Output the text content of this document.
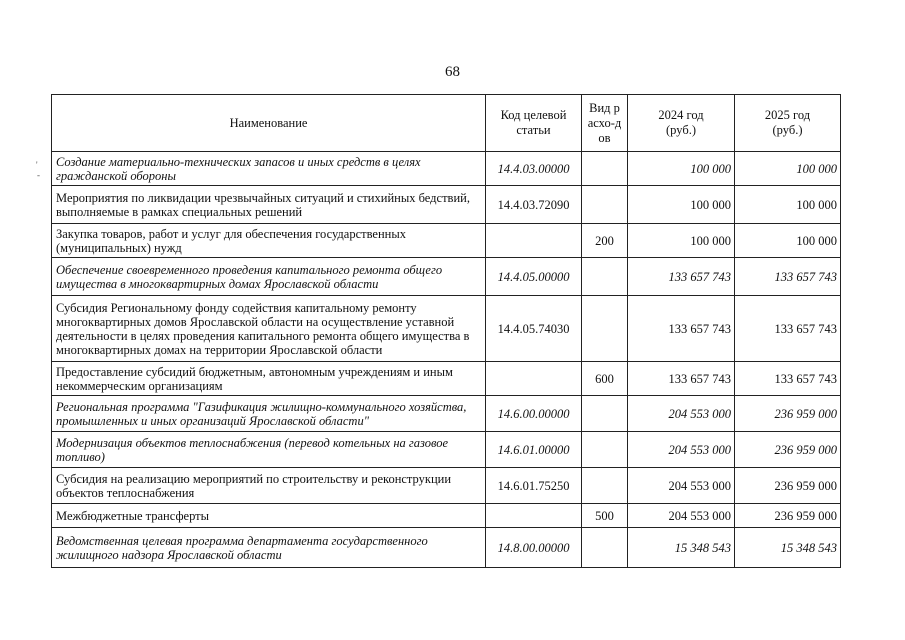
68
'
-
Наименование	Код целевой статьи	Вид расхо-дов	2024 год (руб.)	2025 год (руб.)

Создание материально-технических запасов и иных средств в целях гражданской обороны	14.4.03.00000		100 000	100 000
Мероприятия по ликвидации чрезвычайных ситуаций и стихийных бедствий, выполняемые в рамках специальных решений	14.4.03.72090		100 000	100 000
Закупка товаров, работ и услуг для обеспечения государственных (муниципальных) нужд		200	100 000	100 000
Обеспечение своевременного проведения капитального ремонта общего имущества в многоквартирных домах Ярославской области	14.4.05.00000		133 657 743	133 657 743
Субсидия Региональному фонду содействия капитальному ремонту многоквартирных домов Ярославской области на осуществление уставной деятельности в целях проведения капитального ремонта общего имущества в многоквартирных домах на территории Ярославской области	14.4.05.74030		133 657 743	133 657 743
Предоставление субсидий бюджетным, автономным учреждениям и иным некоммерческим организациям		600	133 657 743	133 657 743
Региональная программа "Газификация жилищно-коммунального хозяйства, промышленных и иных организаций Ярославской области"	14.6.00.00000		204 553 000	236 959 000
Модернизация объектов теплоснабжения (перевод котельных на газовое топливо)	14.6.01.00000		204 553 000	236 959 000
Субсидия на реализацию мероприятий по строительству и реконструкции объектов теплоснабжения	14.6.01.75250		204 553 000	236 959 000
Межбюджетные трансферты		500	204 553 000	236 959 000
Ведомственная целевая программа департамента государственного жилищного надзора Ярославской области	14.8.00.00000		15 348 543	15 348 543
